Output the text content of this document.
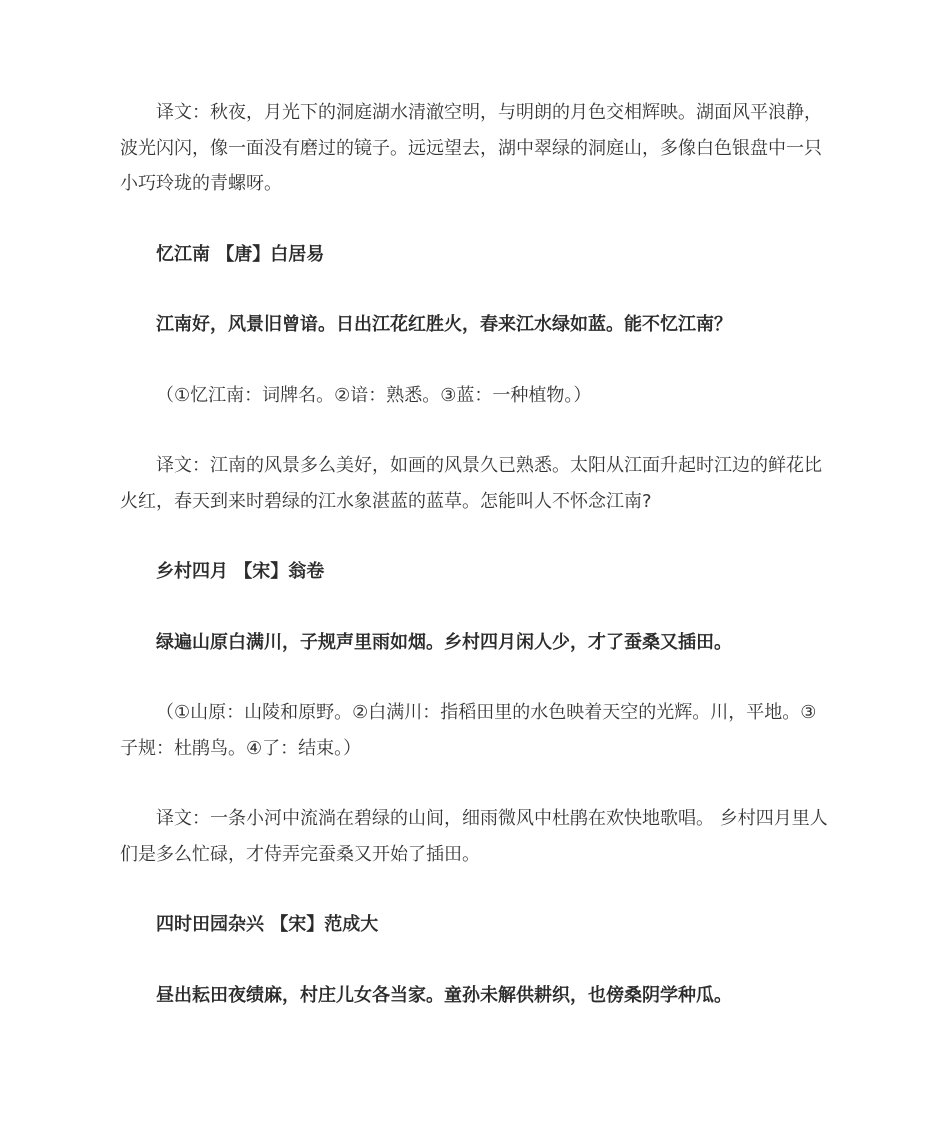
译文：秋夜，月光下的洞庭湖水清澈空明，与明朗的月色交相辉映。湖面风平浪静，波光闪闪，像一面没有磨过的镜子。远远望去，湖中翠绿的洞庭山，多像白色银盘中一只小巧玲珑的青螺呀。

忆江南 【唐】白居易

江南好，风景旧曾谙。日出江花红胜火，春来江水绿如蓝。能不忆江南？

（①忆江南：词牌名。②谙：熟悉。③蓝：一种植物。）

译文：江南的风景多么美好，如画的风景久已熟悉。太阳从江面升起时江边的鲜花比火红，春天到来时碧绿的江水象湛蓝的蓝草。怎能叫人不怀念江南?

乡村四月 【宋】翁卷

绿遍山原白满川，子规声里雨如烟。乡村四月闲人少，才了蚕桑又插田。

（①山原：山陵和原野。②白满川：指稻田里的水色映着天空的光辉。川，平地。③子规：杜鹃鸟。④了：结束。）

译文：一条小河中流淌在碧绿的山间，细雨微风中杜鹃在欢快地歌唱。 乡村四月里人们是多么忙碌，才侍弄完蚕桑又开始了插田。

四时田园杂兴 【宋】范成大

昼出耘田夜绩麻，村庄儿女各当家。童孙未解供耕织，也傍桑阴学种瓜。
